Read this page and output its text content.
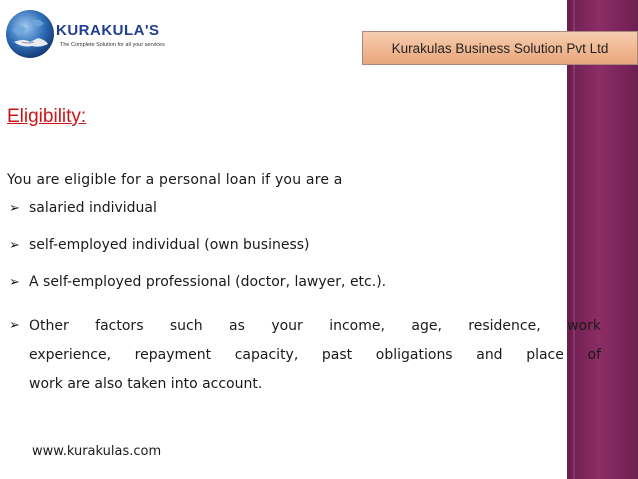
KURAKULA'S
The Complete Solution for all your services	Kurakulas Business Solution Pvt Ltd
Eligibility:
You are eligible for a personal loan if you are a
➢ salaried individual
➢ self-employed individual (own business)
➢ A self-employed professional (doctor, lawyer, etc.).
➢ Other factors such as your income, age, residence, work
experience, repayment capacity, past obligations and place of
work are also taken into account.
www.kurakulas.com
